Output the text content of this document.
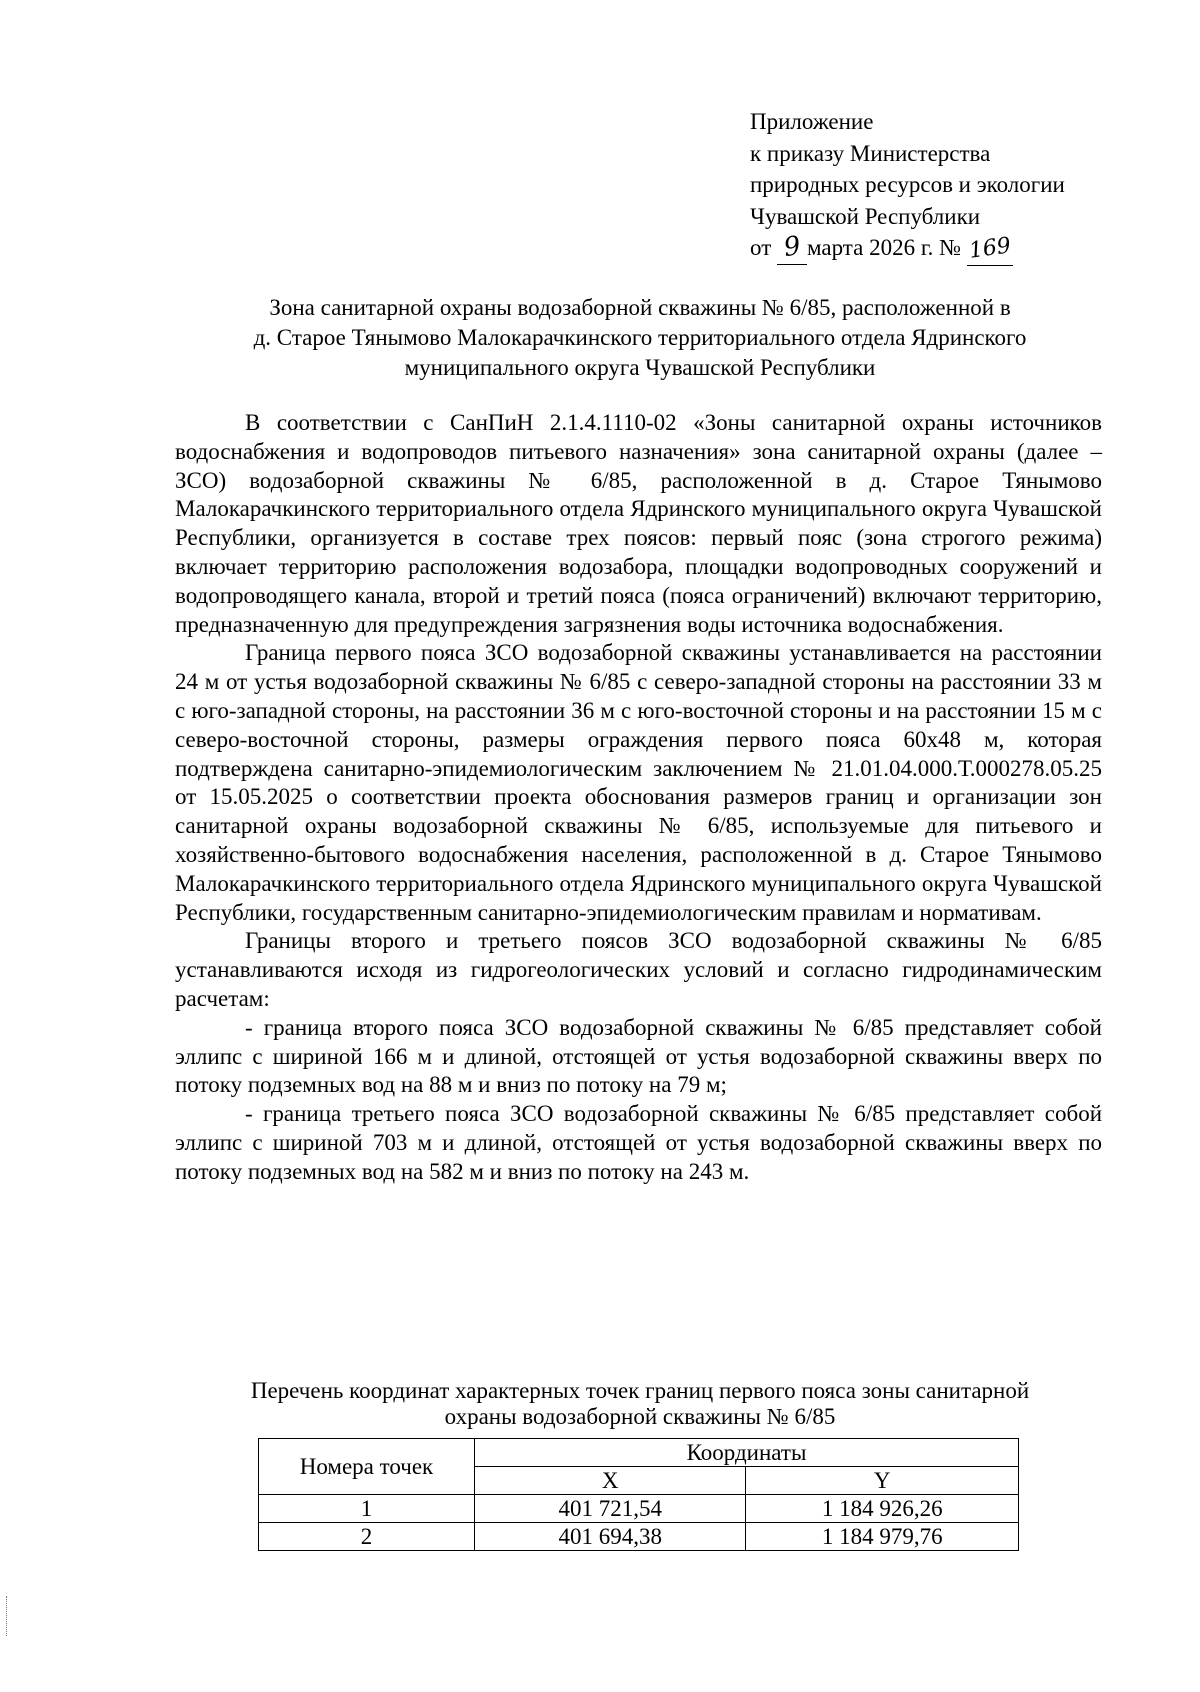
Приложение
к приказу Министерства
природных ресурсов и экологии
Чувашской Республики
от 9 марта 2026 г. № 169
Зона санитарной охраны водозаборной скважины № 6/85, расположенной в
д. Старое Тянымово Малокарачкинского территориального отдела Ядринского
муниципального округа Чувашской Республики

В соответствии с СанПиН 2.1.4.1110-02 «Зоны санитарной охраны источников водоснабжения и водопроводов питьевого назначения» зона санитарной охраны (далее – ЗСО) водозаборной скважины № 6/85, расположенной в д. Старое Тянымово Малокарачкинского территориального отдела Ядринского муниципального округа Чувашской Республики, организуется в составе трех поясов: первый пояс (зона строгого режима) включает территорию расположения водозабора, площадки водопроводных сооружений и водопроводящего канала, второй и третий пояса (пояса ограничений) включают территорию, предназначенную для предупреждения загрязнения воды источника водоснабжения.

Граница первого пояса ЗСО водозаборной скважины устанавливается на расстоянии 24 м от устья водозаборной скважины № 6/85 с северо-западной стороны на расстоянии 33 м с юго-западной стороны, на расстоянии 36 м с юго-восточной стороны и на расстоянии 15 м с северо-восточной стороны, размеры ограждения первого пояса 60х48 м, которая подтверждена санитарно-эпидемиологическим заключением № 21.01.04.000.Т.000278.05.25 от 15.05.2025 о соответствии проекта обоснования размеров границ и организации зон санитарной охраны водозаборной скважины № 6/85, используемые для питьевого и хозяйственно-бытового водоснабжения населения, расположенной в д. Старое Тянымово Малокарачкинского территориального отдела Ядринского муниципального округа Чувашской Республики, государственным санитарно-эпидемиологическим правилам и нормативам.

Границы второго и третьего поясов ЗСО водозаборной скважины № 6/85 устанавливаются исходя из гидрогеологических условий и согласно гидродинамическим расчетам:

- граница второго пояса ЗСО водозаборной скважины № 6/85 представляет собой эллипс с шириной 166 м и длиной, отстоящей от устья водозаборной скважины вверх по потоку подземных вод на 88 м и вниз по потоку на 79 м;

- граница третьего пояса ЗСО водозаборной скважины № 6/85 представляет собой эллипс с шириной 703 м и длиной, отстоящей от устья водозаборной скважины вверх по потоку подземных вод на 582 м и вниз по потоку на 243 м.

Перечень координат характерных точек границ первого пояса зоны санитарной
охраны водозаборной скважины № 6/85
Номера точек	Координаты	
	X	Y
1	401 721,54	1 184 926,26
2	401 694,38	1 184 979,76
